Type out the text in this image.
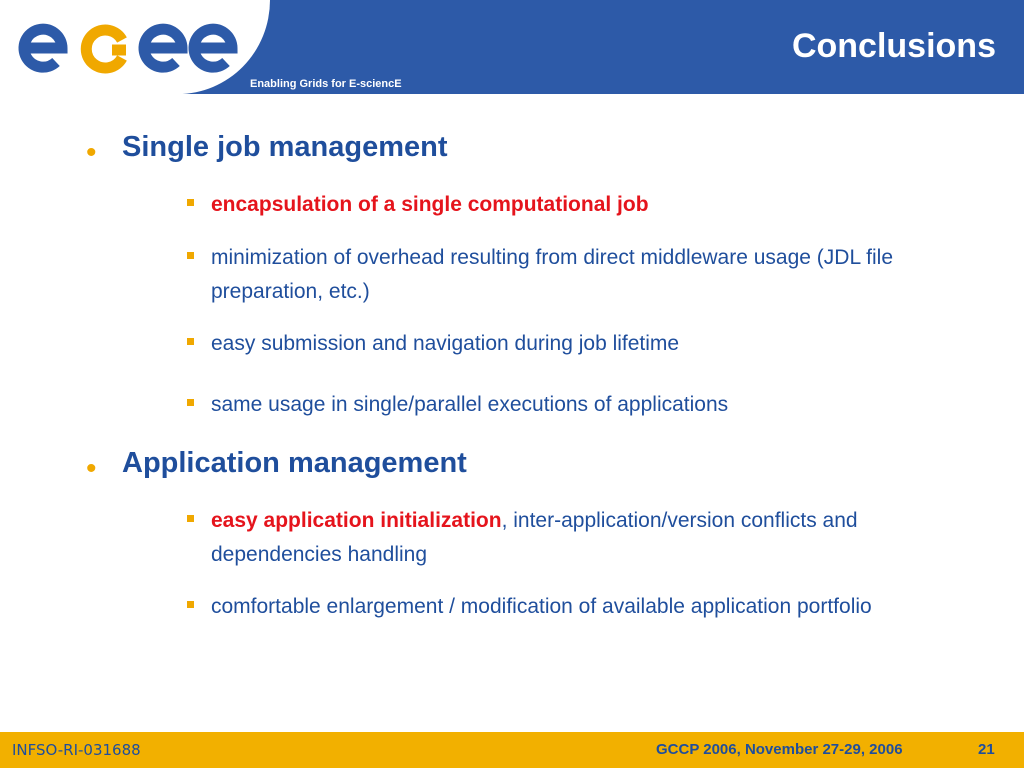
Enabling Grids for E-sciencE
Conclusions
• Single job management
encapsulation of a single computational job
minimization of overhead resulting from direct middleware usage (JDL file preparation, etc.)
easy submission and navigation during job lifetime
same usage in single/parallel executions of applications
• Application management
easy application initialization, inter-application/version conflicts and dependencies handling
comfortable enlargement / modification of available application portfolio
INFSO-RI-031688	GCCP 2006, November 27-29, 2006	21
